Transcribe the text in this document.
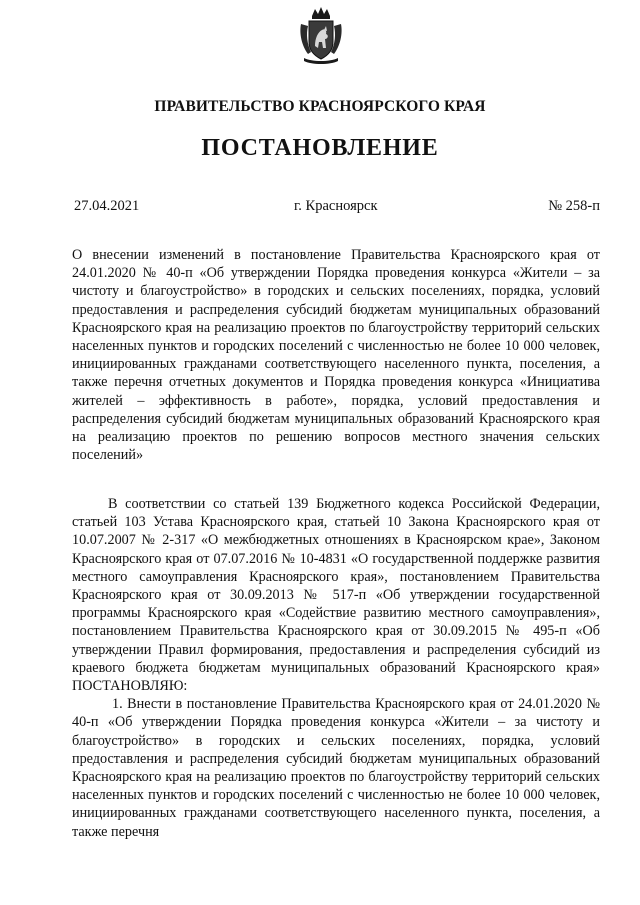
ПРАВИТЕЛЬСТВО КРАСНОЯРСКОГО КРАЯ
ПОСТАНОВЛЕНИЕ
27.04.2021	г. Красноярск	№ 258-п

О внесении изменений в постановление Правительства Красноярского края от 24.01.2020 № 40-п «Об утверждении Порядка проведения конкурса «Жители – за чистоту и благоустройство» в городских и сельских поселениях, порядка, условий предоставления и распределения субсидий бюджетам муниципальных образований Красноярского края на реализацию проектов по благоустройству территорий сельских населенных пунктов и городских поселений с численностью не более 10 000 человек, инициированных гражданами соответствующего населенного пункта, поселения, а также перечня отчетных документов и Порядка проведения конкурса «Инициатива жителей – эффективность в работе», порядка, условий предоставления и распределения субсидий бюджетам муниципальных образований Красноярского края на реализацию проектов по решению вопросов местного значения сельских поселений»

В соответствии со статьей 139 Бюджетного кодекса Российской Федерации, статьей 103 Устава Красноярского края, статьей 10 Закона Красноярского края от 10.07.2007 № 2-317 «О межбюджетных отношениях в Красноярском крае», Законом Красноярского края от 07.07.2016 № 10-4831 «О государственной поддержке развития местного самоуправления Красноярского края», постановлением Правительства Красноярского края от 30.09.2013 № 517-п «Об утверждении государственной программы Красноярского края «Содействие развитию местного самоуправления», постановлением Правительства Красноярского края от 30.09.2015 № 495-п «Об утверждении Правил формирования, предоставления и распределения субсидий из краевого бюджета бюджетам муниципальных образований Красноярского края» ПОСТАНОВЛЯЮ:

1. Внести в постановление Правительства Красноярского края от 24.01.2020 № 40-п «Об утверждении Порядка проведения конкурса «Жители – за чистоту и благоустройство» в городских и сельских поселениях, порядка, условий предоставления и распределения субсидий бюджетам муниципальных образований Красноярского края на реализацию проектов по благоустройству территорий сельских населенных пунктов и городских поселений с численностью не более 10 000 человек, инициированных гражданами соответствующего населенного пункта, поселения, а также перечня
